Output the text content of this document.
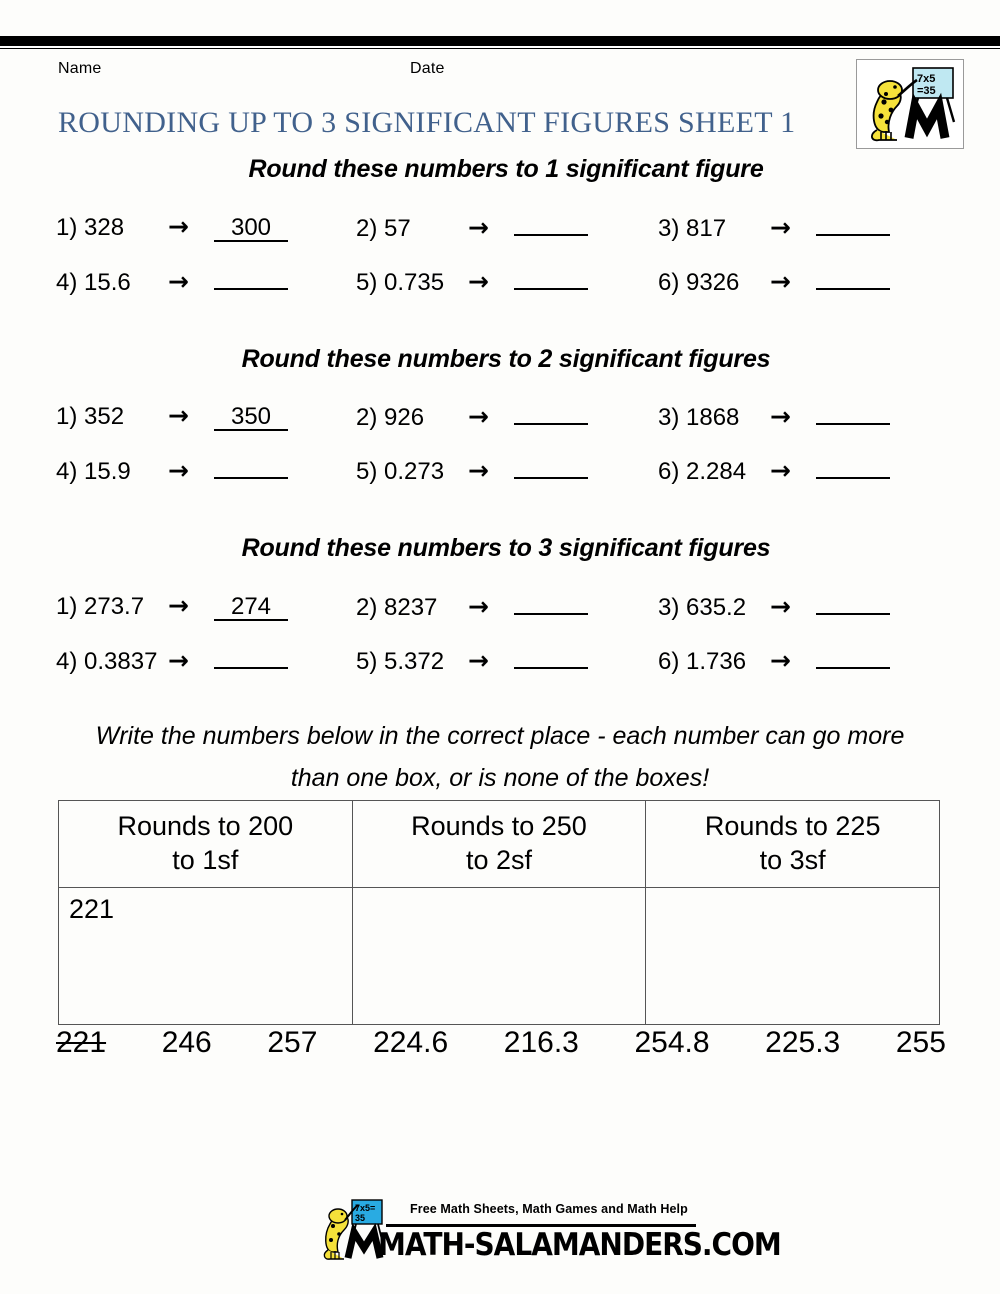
Name	Date
ROUNDING UP TO 3 SIGNIFICANT FIGURES SHEET 1
7x5
=35
Round these numbers to 1 significant figure
1) 328	→	300	2) 57	→	3) 817	→
4) 15.6	→	5) 0.735 →	6) 9326	→
Round these numbers to 2 significant figures
1) 352	→	350	2) 926	→	3) 1868	→
4) 15.9	→	5) 0.273 →	6) 2.284 →
Round these numbers to 3 significant figures
1) 273.7 →	274	2) 8237	→	3) 635.2 →
4) 0.3837 →	5) 5.372 →	6) 1.736 →
Write the numbers below in the correct place - each number can go more
than one box, or is none of the boxes!
Rounds to 200
to 1sf	Rounds to 250
to 2sf	Rounds to 225
to 3sf
221		
221 246 257 224.6 216.3 254.8 225.3 255
7x5=
35
Free Math Sheets, Math Games and Math Help
MATH-SALAMANDERS.COM
